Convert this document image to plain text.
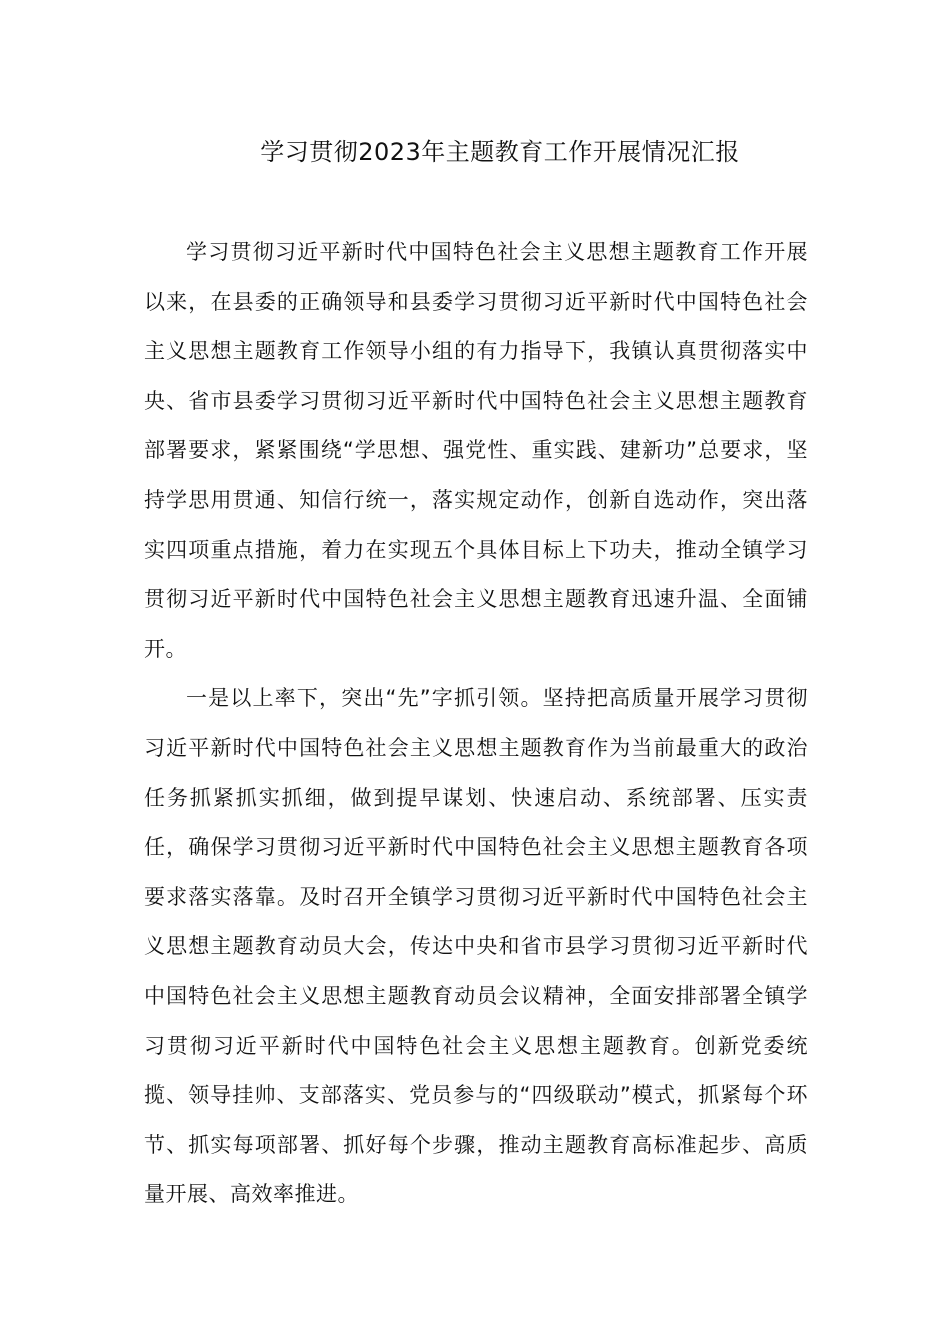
学习贯彻2023年主题教育工作开展情况汇报

学习贯彻习近平新时代中国特色社会主义思想主题教育工作开展以来，在县委的正确领导和县委学习贯彻习近平新时代中国特色社会主义思想主题教育工作领导小组的有力指导下，我镇认真贯彻落实中央、省市县委学习贯彻习近平新时代中国特色社会主义思想主题教育部署要求，紧紧围绕“学思想、强党性、重实践、建新功”总要求，坚持学思用贯通、知信行统一，落实规定动作，创新自选动作，突出落实四项重点措施，着力在实现五个具体目标上下功夫，推动全镇学习贯彻习近平新时代中国特色社会主义思想主题教育迅速升温、全面铺开。

一是以上率下，突出“先”字抓引领。坚持把高质量开展学习贯彻习近平新时代中国特色社会主义思想主题教育作为当前最重大的政治任务抓紧抓实抓细，做到提早谋划、快速启动、系统部署、压实责任，确保学习贯彻习近平新时代中国特色社会主义思想主题教育各项要求落实落靠。及时召开全镇学习贯彻习近平新时代中国特色社会主义思想主题教育动员大会，传达中央和省市县学习贯彻习近平新时代中国特色社会主义思想主题教育动员会议精神，全面安排部署全镇学习贯彻习近平新时代中国特色社会主义思想主题教育。创新党委统揽、领导挂帅、支部落实、党员参与的“四级联动”模式，抓紧每个环节、抓实每项部署、抓好每个步骤，推动主题教育高标准起步、高质量开展、高效率推进。
